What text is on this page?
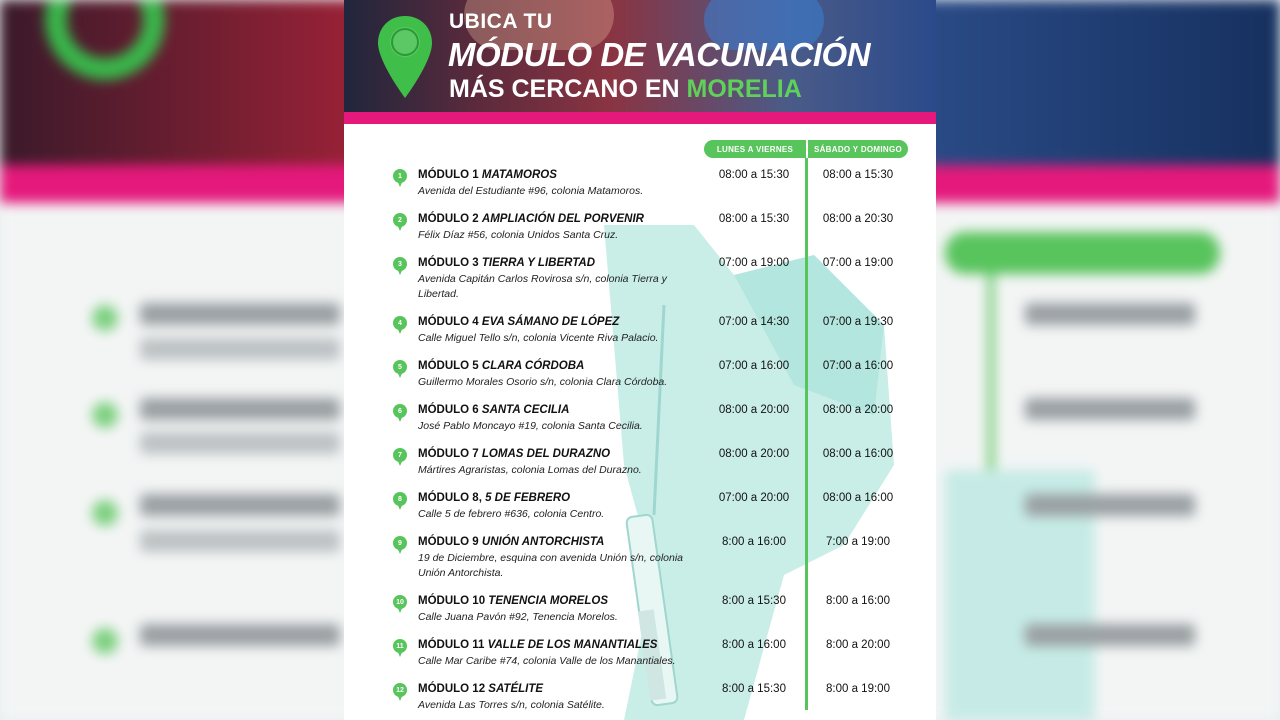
UBICA TU
MÓDULO DE VACUNACIÓN
MÁS CERCANO EN MORELIA
LUNES A VIERNES	SÁBADO Y DOMINGO
1	MÓDULO 1 MATAMOROS
Avenida del Estudiante #96, colonia Matamoros.
08:00 a 15:30	08:00 a 15:30
2	MÓDULO 2 AMPLIACIÓN DEL PORVENIR
Félix Díaz #56, colonia Unidos Santa Cruz.
08:00 a 15:30	08:00 a 20:30
3	MÓDULO 3 TIERRA Y LIBERTAD
Avenida Capitán Carlos Rovirosa s/n, colonia Tierra y Libertad.
07:00 a 19:00	07:00 a 19:00
4	MÓDULO 4 EVA SÁMANO DE LÓPEZ
Calle Miguel Tello s/n, colonia Vicente Riva Palacio.
07:00 a 14:30	07:00 a 19:30
5	MÓDULO 5 CLARA CÓRDOBA
Guillermo Morales Osorio s/n, colonia Clara Córdoba.
07:00 a 16:00	07:00 a 16:00
6	MÓDULO 6 SANTA CECILIA
José Pablo Moncayo #19, colonia Santa Cecilia.
08:00 a 20:00	08:00 a 20:00
7	MÓDULO 7 LOMAS DEL DURAZNO
Mártires Agraristas, colonia Lomas del Durazno.
08:00 a 20:00	08:00 a 16:00
8	MÓDULO 8, 5 DE FEBRERO
Calle 5 de febrero #636, colonia Centro.
07:00 a 20:00	08:00 a 16:00
9	MÓDULO 9 UNIÓN ANTORCHISTA
19 de Diciembre, esquina con avenida Unión s/n, colonia Unión Antorchista.
8:00 a 16:00	7:00 a 19:00
10 MÓDULO 10 TENENCIA MORELOS
Calle Juana Pavón #92, Tenencia Morelos.
8:00 a 15:30	8:00 a 16:00
11 MÓDULO 11 VALLE DE LOS MANANTIALES
Calle Mar Caribe #74, colonia Valle de los Manantiales.
8:00 a 16:00	8:00 a 20:00
12 MÓDULO 12 SATÉLITE
Avenida Las Torres s/n, colonia Satélite.
8:00 a 15:30	8:00 a 19:00
